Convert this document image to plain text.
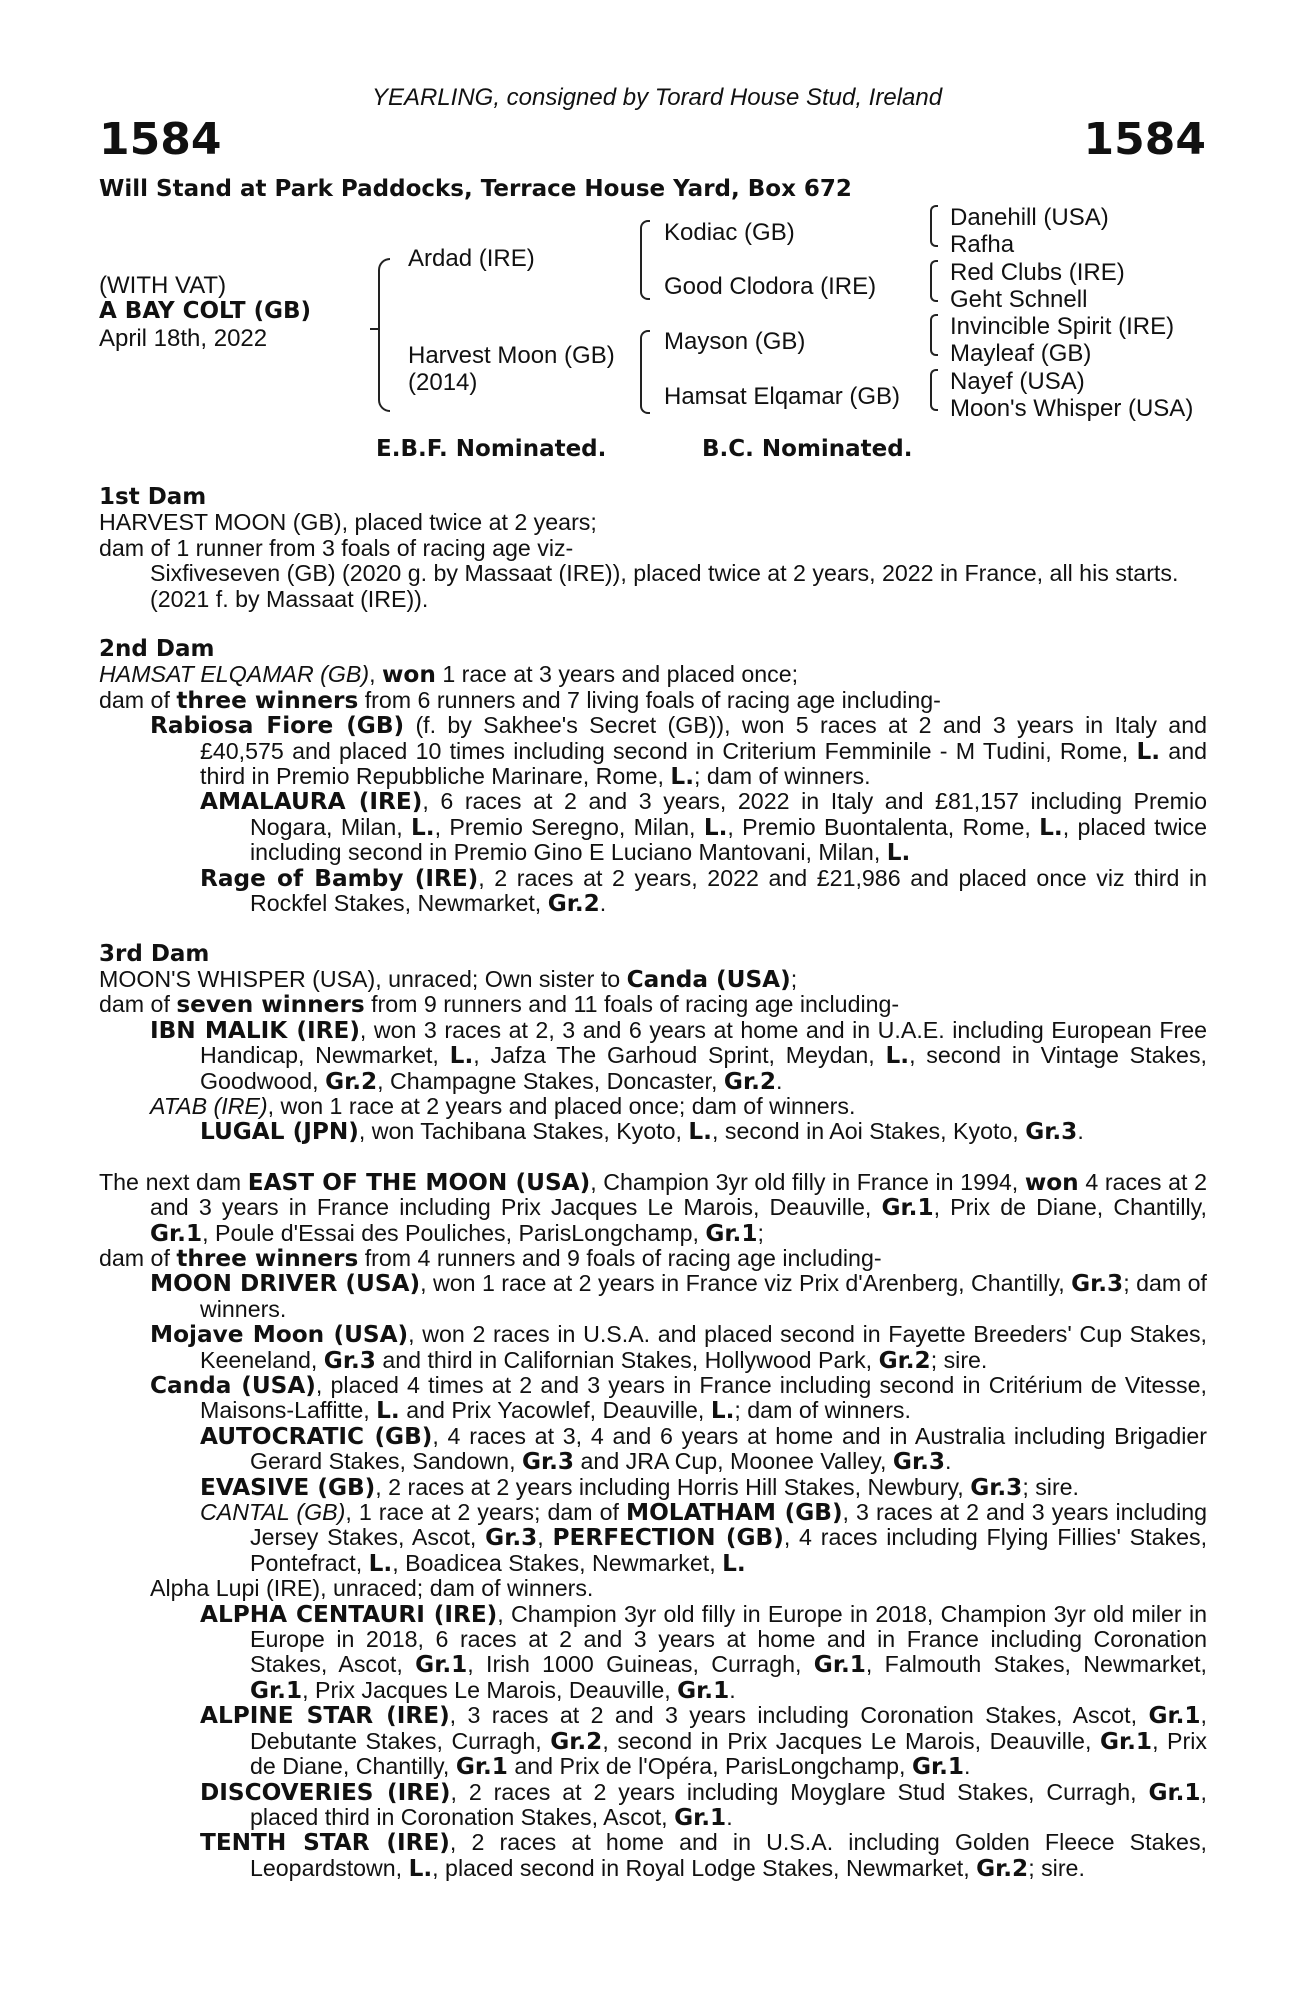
YEARLING, consigned by Torard House Stud, Ireland
1584	1584
Will Stand at Park Paddocks, Terrace House Yard, Box 672
(WITH VAT)
A BAY COLT (GB)
April 18th, 2022
Ardad (IRE)
Harvest Moon (GB)
(2014)
Kodiac (GB)
Good Clodora (IRE)
Mayson (GB)
Hamsat Elqamar (GB)
Danehill (USA)
Rafha
Red Clubs (IRE)
Geht Schnell
Invincible Spirit (IRE)
Mayleaf (GB)
Nayef (USA)
Moon's Whisper (USA)
E.B.F. Nominated.	B.C. Nominated.
1st Dam
HARVEST MOON (GB), placed twice at 2 years;
dam of 1 runner from 3 foals of racing age viz-
Sixfiveseven (GB) (2020 g. by Massaat (IRE)), placed twice at 2 years, 2022 in France, all his starts.
(2021 f. by Massaat (IRE)).
2nd Dam
HAMSAT ELQAMAR (GB), won 1 race at 3 years and placed once;
dam of three winners from 6 runners and 7 living foals of racing age including-
Rabiosa Fiore (GB) (f. by Sakhee's Secret (GB)), won 5 races at 2 and 3 years in Italy and £40,575 and placed 10 times including second in Criterium Femminile - M Tudini, Rome, L. and third in Premio Repubbliche Marinare, Rome, L.; dam of winners.
AMALAURA (IRE), 6 races at 2 and 3 years, 2022 in Italy and £81,157 including Premio Nogara, Milan, L., Premio Seregno, Milan, L., Premio Buontalenta, Rome, L., placed twice including second in Premio Gino E Luciano Mantovani, Milan, L.
Rage of Bamby (IRE), 2 races at 2 years, 2022 and £21,986 and placed once viz third in Rockfel Stakes, Newmarket, Gr.2.
3rd Dam
MOON'S WHISPER (USA), unraced; Own sister to Canda (USA);
dam of seven winners from 9 runners and 11 foals of racing age including-
IBN MALIK (IRE), won 3 races at 2, 3 and 6 years at home and in U.A.E. including European Free Handicap, Newmarket, L., Jafza The Garhoud Sprint, Meydan, L., second in Vintage Stakes, Goodwood, Gr.2, Champagne Stakes, Doncaster, Gr.2.
ATAB (IRE), won 1 race at 2 years and placed once; dam of winners.
LUGAL (JPN), won Tachibana Stakes, Kyoto, L., second in Aoi Stakes, Kyoto, Gr.3.
The next dam EAST OF THE MOON (USA), Champion 3yr old filly in France in 1994, won 4 races at 2 and 3 years in France including Prix Jacques Le Marois, Deauville, Gr.1, Prix de Diane, Chantilly, Gr.1, Poule d'Essai des Pouliches, ParisLongchamp, Gr.1;
dam of three winners from 4 runners and 9 foals of racing age including-
MOON DRIVER (USA), won 1 race at 2 years in France viz Prix d'Arenberg, Chantilly, Gr.3; dam of winners.
Mojave Moon (USA), won 2 races in U.S.A. and placed second in Fayette Breeders' Cup Stakes, Keeneland, Gr.3 and third in Californian Stakes, Hollywood Park, Gr.2; sire.
Canda (USA), placed 4 times at 2 and 3 years in France including second in Critérium de Vitesse, Maisons-Laffitte, L. and Prix Yacowlef, Deauville, L.; dam of winners.
AUTOCRATIC (GB), 4 races at 3, 4 and 6 years at home and in Australia including Brigadier Gerard Stakes, Sandown, Gr.3 and JRA Cup, Moonee Valley, Gr.3.
EVASIVE (GB), 2 races at 2 years including Horris Hill Stakes, Newbury, Gr.3; sire.
CANTAL (GB), 1 race at 2 years; dam of MOLATHAM (GB), 3 races at 2 and 3 years including Jersey Stakes, Ascot, Gr.3, PERFECTION (GB), 4 races including Flying Fillies' Stakes, Pontefract, L., Boadicea Stakes, Newmarket, L.
Alpha Lupi (IRE), unraced; dam of winners.
ALPHA CENTAURI (IRE), Champion 3yr old filly in Europe in 2018, Champion 3yr old miler in Europe in 2018, 6 races at 2 and 3 years at home and in France including Coronation Stakes, Ascot, Gr.1, Irish 1000 Guineas, Curragh, Gr.1, Falmouth Stakes, Newmarket, Gr.1, Prix Jacques Le Marois, Deauville, Gr.1.
ALPINE STAR (IRE), 3 races at 2 and 3 years including Coronation Stakes, Ascot, Gr.1, Debutante Stakes, Curragh, Gr.2, second in Prix Jacques Le Marois, Deauville, Gr.1, Prix de Diane, Chantilly, Gr.1 and Prix de l'Opéra, ParisLongchamp, Gr.1.
DISCOVERIES (IRE), 2 races at 2 years including Moyglare Stud Stakes, Curragh, Gr.1, placed third in Coronation Stakes, Ascot, Gr.1.
TENTH STAR (IRE), 2 races at home and in U.S.A. including Golden Fleece Stakes, Leopardstown, L., placed second in Royal Lodge Stakes, Newmarket, Gr.2; sire.
